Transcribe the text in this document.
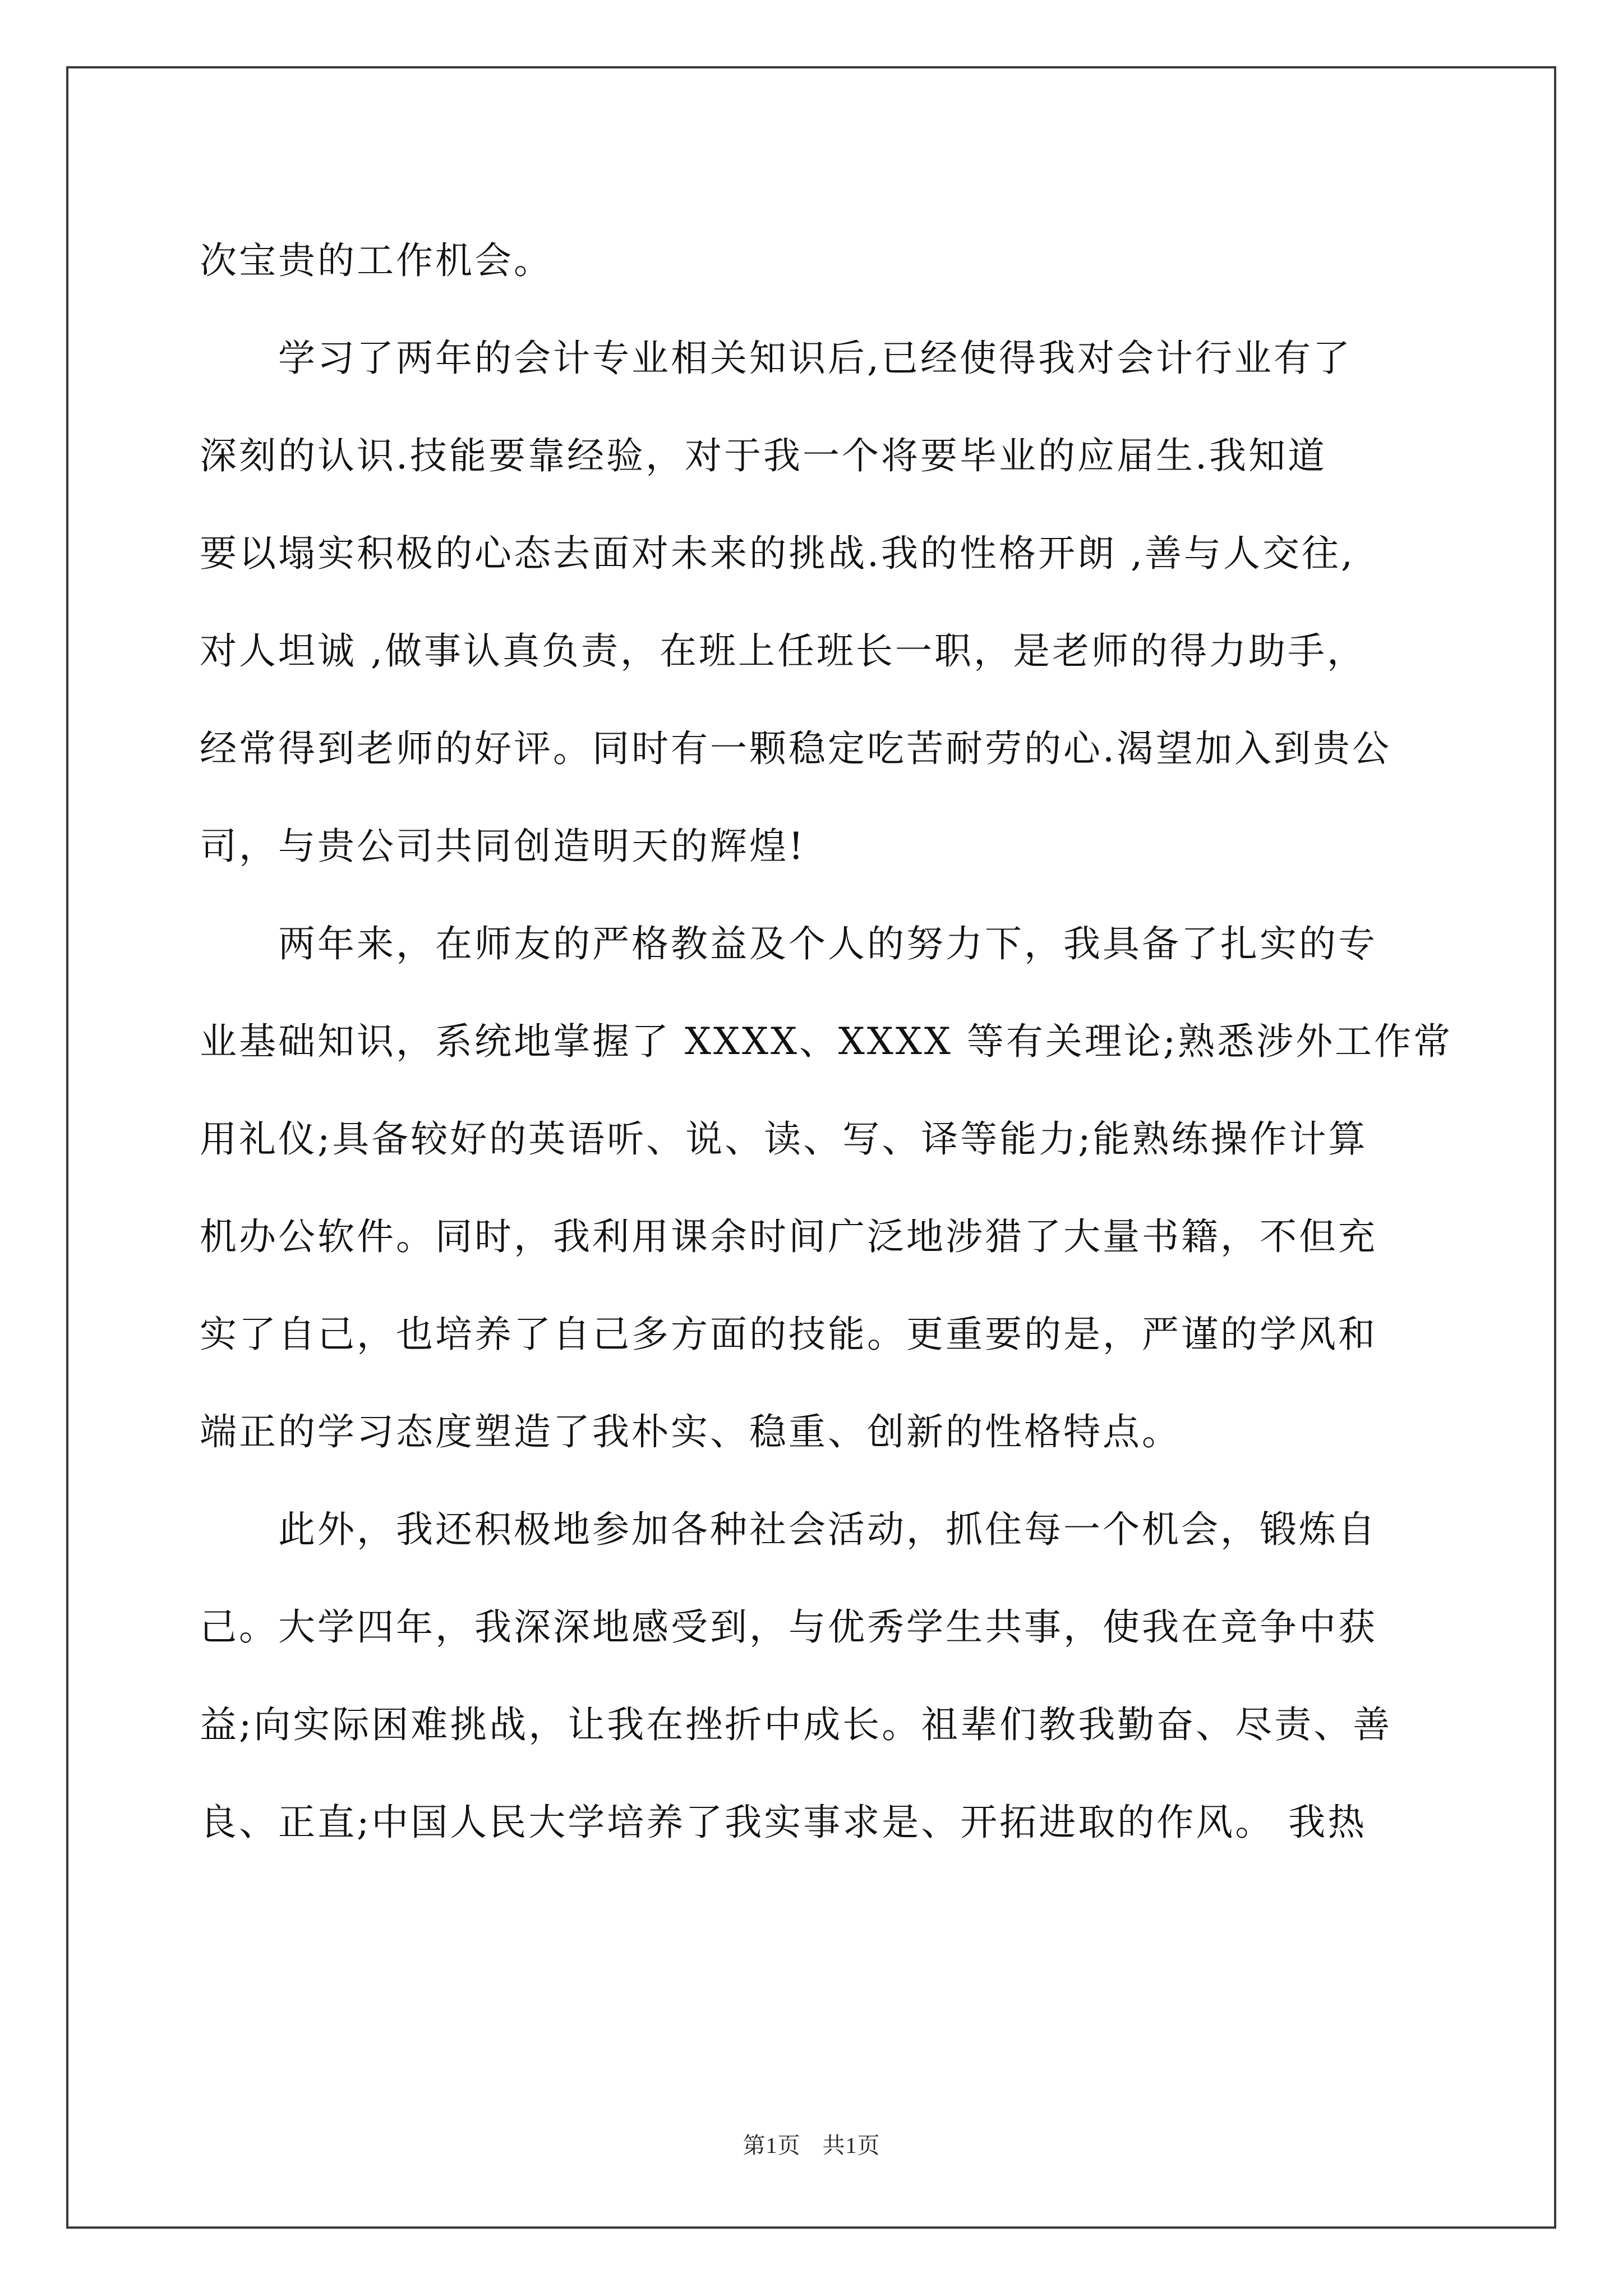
次宝贵的工作机会。
　　学习了两年的会计专业相关知识后,已经使得我对会计行业有了
深刻的认识.技能要靠经验，对于我一个将要毕业的应届生.我知道
要以塌实积极的心态去面对未来的挑战.我的性格开朗 ,善与人交往,
对人坦诚 ,做事认真负责，在班上任班长一职，是老师的得力助手，
经常得到老师的好评。同时有一颗稳定吃苦耐劳的心.渴望加入到贵公
司，与贵公司共同创造明天的辉煌!
　　两年来，在师友的严格教益及个人的努力下，我具备了扎实的专
业基础知识，系统地掌握了 XXXX、XXXX 等有关理论;熟悉涉外工作常
用礼仪;具备较好的英语听、说、读、写、译等能力;能熟练操作计算
机办公软件。同时，我利用课余时间广泛地涉猎了大量书籍，不但充
实了自己，也培养了自己多方面的技能。更重要的是，严谨的学风和
端正的学习态度塑造了我朴实、稳重、创新的性格特点。
　　此外，我还积极地参加各种社会活动，抓住每一个机会，锻炼自
己。大学四年，我深深地感受到，与优秀学生共事，使我在竞争中获
益;向实际困难挑战，让我在挫折中成长。祖辈们教我勤奋、尽责、善
良、正直;中国人民大学培养了我实事求是、开拓进取的作风。 我热
第1页 共1页
